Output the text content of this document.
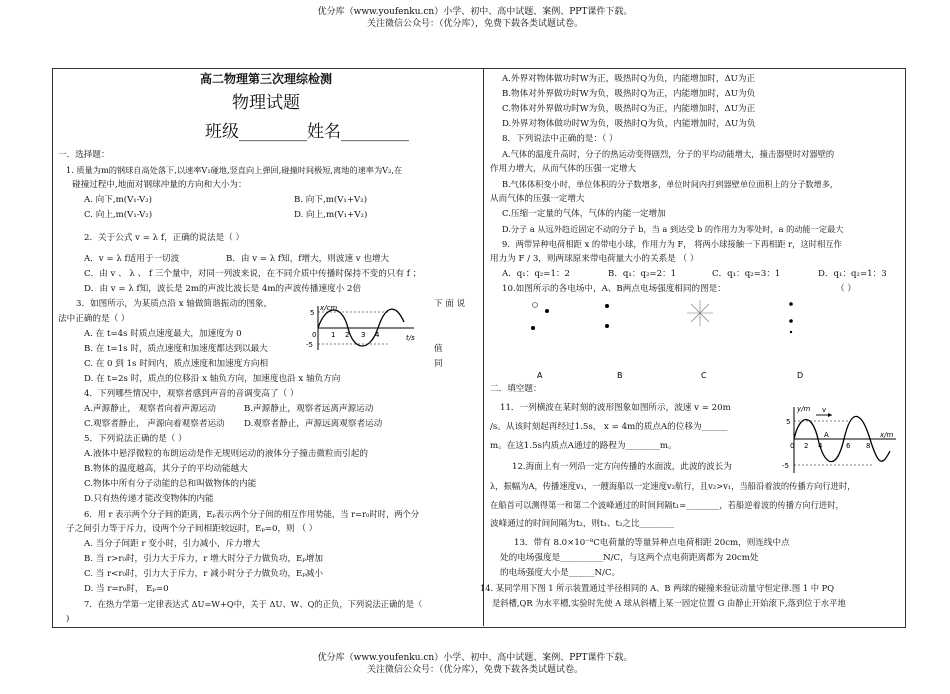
优分库（www.youfenku.cn）小学、初中、高中试题、案例、PPT课件下载。
关注微信公众号：（优分库），免费下载各类试题试卷。
优分库（www.youfenku.cn）小学、初中、高中试题、案例、PPT课件下载。
关注微信公众号：（优分库），免费下载各类试题试卷。
高二物理第三次理综检测
物理试题
班级________姓名________
一．选择题：
1. 质量为m的钢球自高处落下,以速率V₁碰地,竖直向上弹回,碰撞时间极短,离地的速率为V₂,在
碰撞过程中,地面对钢球冲量的方向和大小为：
A. 向下,m(V₁-V₂)	B. 向下,m(V₁+V₂)
C. 向上,m(V₁-V₂)	D. 向上,m(V₁+V₂)
2．关于公式 v = λ f，正确的说法是（ ）
A．v = λ f适用于一切波	B．由 v = λ f知，f增大，则波速 v 也增大
C．由 v 、 λ 、 f 三个量中，对同一列波来说，在不同介质中传播时保持不变的只有 f ；
D．由 v = λ f知，波长是 2m的声波比波长是 4m的声波传播速度小 2倍
3．如图所示，为某质点沿 x 轴做简谐振动的图象，	下 面 说
法中正确的是（ ）
A. 在 t=4s 时质点速度最大，加速度为 0
B. 在 t=1s 时，质点速度和加速度都达到以最大	值
C. 在 0 到 1s 时间内，质点速度和加速度方向相	同
D. 在 t=2s 时，质点的位移沿 x 轴负方向，加速度也沿 x 轴负方向
4．下列哪些情况中，观察者感到声音的音调变高了（ ）
A.声源静止， 观察者向着声源运动	B.声源静止，观察者远离声源运动
C.观察者静止， 声源向着观察者运动 D.观察者静止，声源远离观察者运动
5．下列说法正确的是（ ）
A.液体中悬浮微粒的布朗运动是作无规则运动的液体分子撞击微粒而引起的
B.物体的温度越高，其分子的平均动能越大
C.物体中所有分子动能的总和叫做物体的内能
D.只有热传递才能改变物体的内能
6．用 r 表示两个分子间的距离，Eₚ表示两个分子间的相互作用势能，当 r=r₀时时，两个分
子之间引力等于斥力，设两个分子间相距较远时，Eₚ=0，则 （ ）
A. 当分子间距 r 变小时，引力减小，斥力增大
B. 当 r>r₀时，引力大于斥力，r 增大时分子力做负功，Eₚ增加
C. 当 r<r₀时，引力大于斥力，r 减小时分子力做负功，Eₚ减小
D. 当 r=r₀时， Eₚ=0
7．在热力学第一定律表达式 ΔU=W+Q中，关于 ΔU、W、Q的正负，下列说法正确的是（
)
x/cm
t/s
5
-5
0 1 2 3 4
A.外界对物体做功时W为正，吸热时Q为负，内能增加时，ΔU为正
B.物体对外界做功时W为负，吸热时Q为正，内能增加时，ΔU为负
C.物体对外界做功时W为负，吸热时Q为正，内能增加时，ΔU为正
D.外界对物体做功时W为负，吸热时Q为负，内能增加时，ΔU为负
8．下列说法中正确的是：（ ）
A.气体的温度升高时，分子的热运动变得剧烈，分子的平均动能增大，撞击器壁时对器壁的
作用力增大，从而气体的压强一定增大
B.气体体积变小时，单位体积的分子数增多，单位时间内打到器壁单位面积上的分子数增多，
从而气体的压强一定增大
C.压缩一定量的气体，气体的内能一定增加
D.分子 a 从远外趋近固定不动的分子 b，当 a 到达受 b 的作用力为零处时，a 的动能一定最大
9．两带异种电荷相距 x 的带电小球，作用力为 F， 将两小球接触一下再相距 r，这时相互作
用力为 F / 3，则两球原来带电荷量大小的关系是 （ ）
A．q₁：q₂=1：2	B．q₁：q₂=2：1	C．q₁：q₂=3：1	D．q₁：q₂=1：3
10.如图所示的各电场中，A、B两点电场强度相同的图是：	（ ）
A	B	C	D
二．填空题：
11．一列横波在某时刻的波形图象如图所示，波速 v = 20m
/s。从该时刻起再经过1.5s， x = 4m的质点A的位移为______
m。在这1.5s内质点A通过的路程为________m。
12.海面上有一列沿一定方向传播的水面波，此波的波长为
λ，振幅为A，传播速度v₁，一艘海船以一定速度v₂航行，且v₂>v₁，当船沿着波的传播方向行进时，
在船首可以测得第一和第二个波峰通过的时间间隔t₁=________，若船逆着波的传播方向行进时，
波峰通过的时间间隔为t₂，则t₁、t₂之比________
13．带有 8.0×10⁻⁸C电荷量的等量异种点电荷相距 20cm，则连线中点
处的电场强度是__________N/C，与这两个点电荷距离都为 20cm处
的电场强度大小是______N/C。
14. 某同学用下图 1 所示装置通过半径相同的 A、B 两球的碰撞来验证动量守恒定律.图 1 中 PQ
是斜槽,QR 为水平槽,实验时先使 A 球从斜槽上某一固定位置 G 由静止开始滚下,落到位于水平地
v
y/m
x/m
5
-5
0 2 4	6 8
A
